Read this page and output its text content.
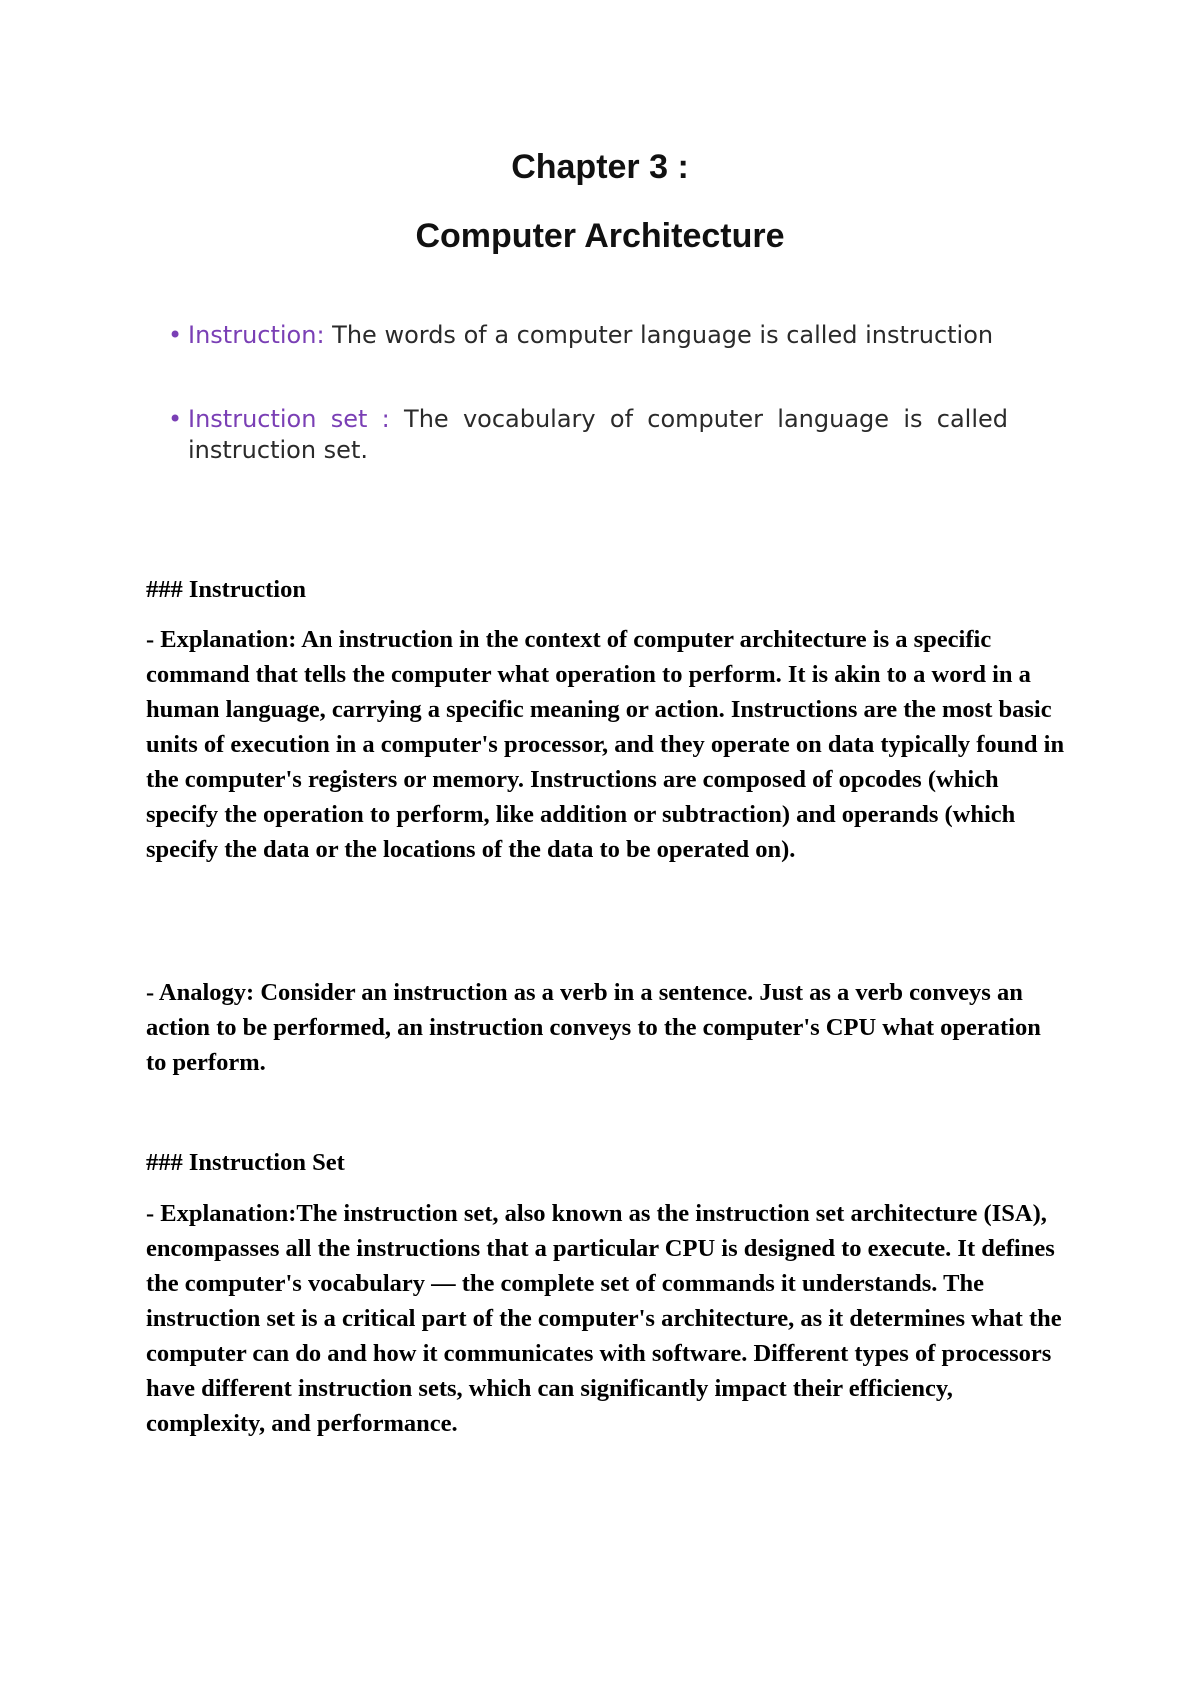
Chapter 3 :
Computer Architecture
• Instruction: The words of a computer language is called instruction
• Instruction set : The vocabulary of computer language is called instruction set.
### Instruction

- Explanation: An instruction in the context of computer architecture is a specific command that tells the computer what operation to perform. It is akin to a word in a human language, carrying a specific meaning or action. Instructions are the most basic units of execution in a computer's processor, and they operate on data typically found in the computer's registers or memory. Instructions are composed of opcodes (which specify the operation to perform, like addition or subtraction) and operands (which specify the data or the locations of the data to be operated on).

- Analogy: Consider an instruction as a verb in a sentence. Just as a verb conveys an action to be performed, an instruction conveys to the computer's CPU what operation to perform.

### Instruction Set

- Explanation:The instruction set, also known as the instruction set architecture (ISA), encompasses all the instructions that a particular CPU is designed to execute. It defines the computer's vocabulary — the complete set of commands it understands. The instruction set is a critical part of the computer's architecture, as it determines what the computer can do and how it communicates with software. Different types of processors have different instruction sets, which can significantly impact their efficiency, complexity, and performance.
